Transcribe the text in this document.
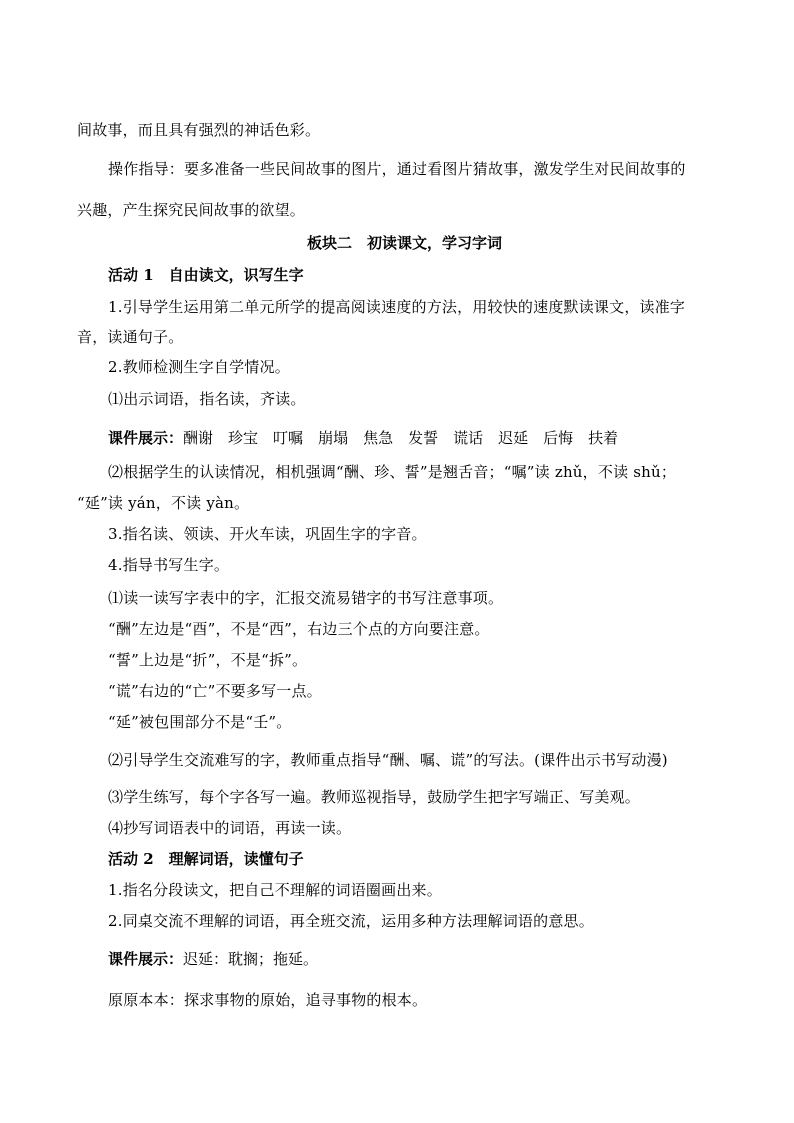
间故事，而且具有强烈的神话色彩。
操作指导：要多准备一些民间故事的图片，通过看图片猜故事，激发学生对民间故事的
兴趣，产生探究民间故事的欲望。
板块二　初读课文，学习字词
活动 1　自由读文，识写生字
1.引导学生运用第二单元所学的提高阅读速度的方法，用较快的速度默读课文，读准字
音，读通句子。
2.教师检测生字自学情况。
⑴出示词语，指名读，齐读。
课件展示： 酬谢 珍宝 叮嘱 崩塌 焦急 发誓 谎话 迟延 后悔 扶着
⑵根据学生的认读情况，相机强调“酬、珍、誓”是翘舌音；“嘱”读 zhǔ，不读 shǔ；
“延”读 yán，不读 yàn。
3.指名读、领读、开火车读，巩固生字的字音。
4.指导书写生字。
⑴读一读写字表中的字，汇报交流易错字的书写注意事项。
“酬”左边是“酉”，不是“西”，右边三个点的方向要注意。
“誓”上边是“折”，不是“拆”。
“谎”右边的“亡”不要多写一点。
“延”被包围部分不是“壬”。
⑵引导学生交流难写的字，教师重点指导“酬、嘱、谎”的写法。(课件出示书写动漫)
⑶学生练写，每个字各写一遍。教师巡视指导，鼓励学生把字写端正、写美观。
⑷抄写词语表中的词语，再读一读。
活动 2　理解词语，读懂句子
1.指名分段读文，把自己不理解的词语圈画出来。
2.同桌交流不理解的词语，再全班交流，运用多种方法理解词语的意思。
课件展示： 迟延：耽搁；拖延。
原原本本：探求事物的原始，追寻事物的根本。
